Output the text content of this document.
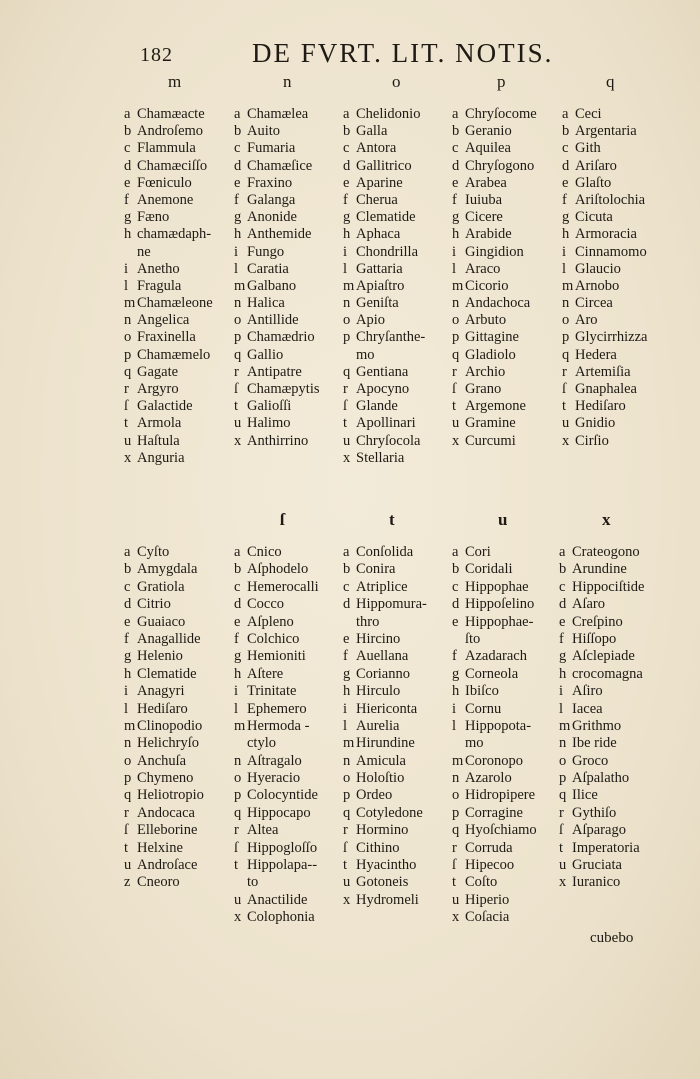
182	DE FVRT. LIT. NOTIS.
m	n	o	p	q
a Chamæacte
b Androſemo
c Flammula
d Chamæciſſo
e Fœniculo
f Anemone
g Fæno
h chamædaph-
ne
i Anetho
l Fragula
m Chamæleone
n Angelica
o Fraxinella
p Chamæmelo
q Gagate
r Argyro
ſ Galactide
t Armola
u Haſtula
x Anguria
a Chamælea
b Auito
c Fumaria
d Chamæſice
e Fraxino
f Galanga
g Anonide
h Anthemide
i Fungo
l Caratia
m Galbano
n Halica
o Antillide
p Chamædrio
q Gallio
r Antipatre
ſ Chamæpytis
t Galioſſi
u Halimo
x Anthirrino
a Chelidonio
b Galla
c Antora
d Gallitrico
e Aparine
f Cherua
g Clematide
h Aphaca
i Chondrilla
l Gattaria
m Apiaſtro
n Geniſta
o Apio
p Chryſanthe-
mo
q Gentiana
r Apocyno
ſ Glande
t Apollinari
u Chryſocola
x Stellaria
a Chryſocome
b Geranio
c Aquilea
d Chryſogono
e Arabea
f Iuiuba
g Cicere
h Arabide
i Gingidion
l Araco
m Cicorio
n Andachoca
o Arbuto
p Gittagine
q Gladiolo
r Archio
ſ Grano
t Argemone
u Gramine
x Curcumi
a Ceci
b Argentaria
c Gith
d Ariſaro
e Glaſto
f Ariſtolochia
g Cicuta
h Armoracia
i Cinnamomo
l Glaucio
m Arnobo
n Circea
o Aro
p Glycirrhizza
q Hedera
r Artemiſia
ſ Gnaphalea
t Hediſaro
u Gnidio
x Cirſio
ſ	t	u	x
a Cyſto
b Amygdala
c Gratiola
d Citrio
e Guaiaco
f Anagallide
g Helenio
h Clematide
i Anagyri
l Hediſaro
m Clinopodio
n Helichryſo
o Anchuſa
p Chymeno
q Heliotropio
r Andocaca
ſ Elleborine
t Helxine
u Androſace
z Cneoro
a Cnico
b Aſphodelo
c Hemerocalli
d Cocco
e Aſpleno
f Colchico
g Hemioniti
h Aſtere
i Trinitate
l Ephemero
m Hermoda -
ctylo
n Aſtragalo
o Hyeracio
p Colocyntide
q Hippocapo
r Altea
ſ Hippogloſſo
t Hippolapa--
to
u Anactilide
x Colophonia
a Conſolida
b Conira
c Atriplice
d Hippomura-
thro
e Hircino
f Auellana
g Corianno
h Hirculo
i Hiericonta
l Aurelia
m Hirundine
n Amicula
o Holoſtio
p Ordeo
q Cotyledone
r Hormino
ſ Cithino
t Hyacintho
u Gotoneis
x Hydromeli
a Cori
b Coridali
c Hippophae
d Hippoſelino
e Hippophae-
ſto
f Azadarach
g Corneola
h Ibiſco
i Cornu
l Hippopota-
mo
m Coronopo
n Azarolo
o Hidropipere
p Corragine
q Hyoſchiamo
r Corruda
ſ Hipecoo
t Coſto
u Hiperio
x Coſacia
a Crateogono
b Arundine
c Hippociſtide
d Aſaro
e Creſpino
f Hiſſopo
g Aſclepiade
h crocomagna
i Aſiro
l Iacea
m Grithmo
n Ibe ride
o Groco
p Aſpalatho
q Ilice
r Gythiſo
ſ Aſparago
t Imperatoria
u Gruciata
x Iuranico
cubebo
